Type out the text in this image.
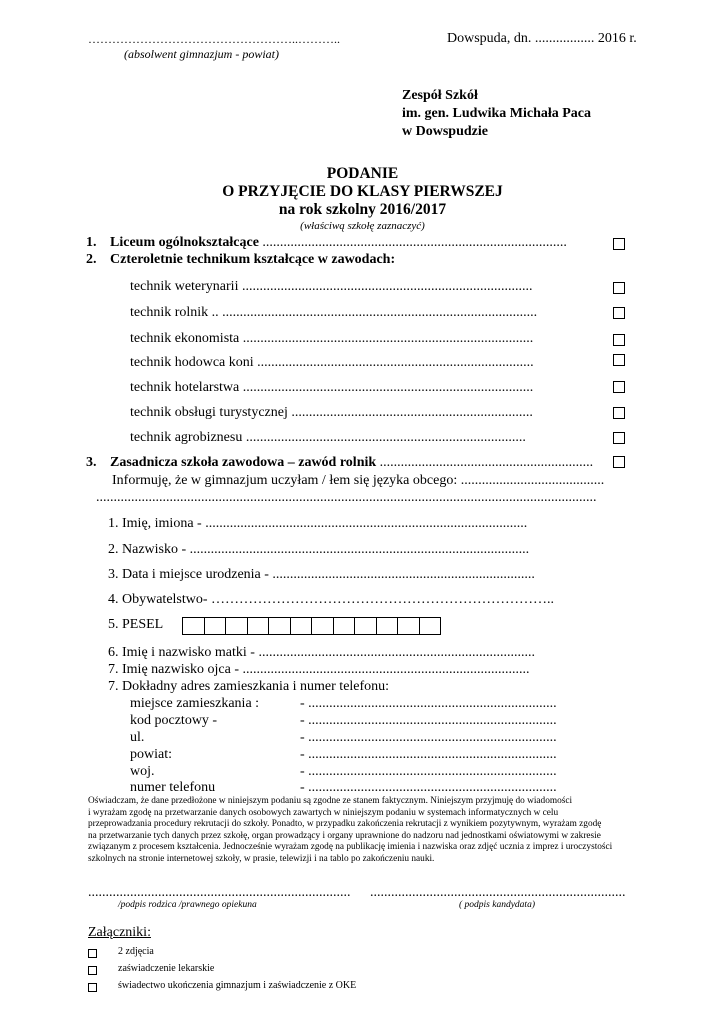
……………………………………………..………..
(absolwent gimnazjum - powiat)
Dowspuda, dn. ................. 2016 r.
Zespół Szkół
im. gen. Ludwika Michała Paca
w Dowspudzie
PODANIE
O PRZYJĘCIE DO KLASY PIERWSZEJ
na rok szkolny 2016/2017
(właściwą szkołę zaznaczyć)
1. Liceum ogólnokształcące .......................................................................................
2. Czteroletnie technikum kształcące w zawodach:
technik weterynarii ...................................................................................
technik rolnik .. ..........................................................................................
technik ekonomista ...................................................................................
technik hodowca koni ...............................................................................
technik hotelarstwa ...................................................................................
technik obsługi turystycznej .....................................................................
technik agrobiznesu ................................................................................
3. Zasadnicza szkoła zawodowa – zawód rolnik .............................................................
Informuję, że w gimnazjum uczyłam / łem się języka obcego: .........................................
...............................................................................................................................................
1. Imię, imiona - ............................................................................................
2. Nazwisko - .................................................................................................
3. Data i miejsce urodzenia - ...........................................................................
4. Obywatelstwo- ………………………………………………………………..
5. PESEL
6. Imię i nazwisko matki - ...............................................................................
7. Imię nazwisko ojca - ..................................................................................
7. Dokładny adres zamieszkania i numer telefonu:
miejsce zamieszkania :	- .......................................................................
kod pocztowy -	- .......................................................................
ul.	- .......................................................................
powiat:	- .......................................................................
woj.	- .......................................................................
numer telefonu	- .......................................................................
Oświadczam, że dane przedłożone w niniejszym podaniu są zgodne ze stanem faktycznym. Niniejszym przyjmuję do wiadomości
i wyrażam zgodę na przetwarzanie danych osobowych zawartych w niniejszym podaniu w systemach informatycznych w celu
przeprowadzania procedury rekrutacji do szkoły. Ponadto, w przypadku zakończenia rekrutacji z wynikiem pozytywnym, wyrażam zgodę
na przetwarzanie tych danych przez szkołę, organ prowadzący i organy uprawnione do nadzoru nad jednostkami oświatowymi w zakresie
związanym z procesem kształcenia. Jednocześnie wyrażam zgodę na publikację imienia i nazwiska oraz zdjęć ucznia z imprez i uroczystości
szkolnych na stronie internetowej szkoły, w prasie, telewizji i na tablo po zakończeniu nauki.
...........................................................................
/podpis rodzica /prawnego opiekuna
.........................................................................
( podpis kandydata)
Załączniki:
2 zdjęcia
zaświadczenie lekarskie
świadectwo ukończenia gimnazjum i zaświadczenie z OKE
